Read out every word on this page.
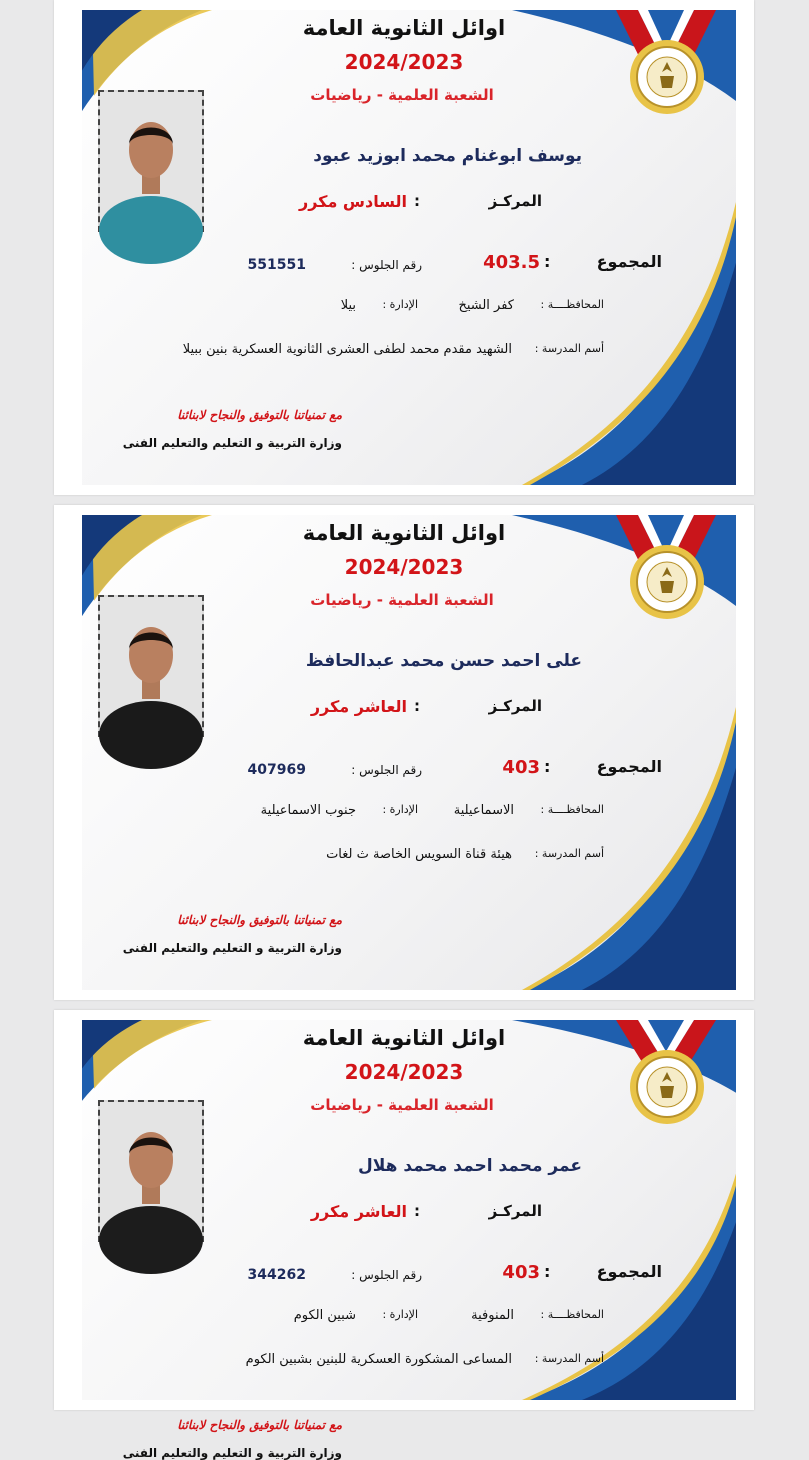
اوائل الثانوية العامة
2024/2023
الشعبة العلمية - رياضيات
يوسف ابوغنام محمد ابوزيد عبود
المركـز
:
السادس مكرر
المجموع
:
403.5
رقم الجلوس :
551551
المحافظــــة :
كفر الشيخ
الإدارة :
بيلا
أسم المدرسة :
الشهيد مقدم محمد لطفى العشرى الثانوية العسكرية بنين ببيلا
مع تمنياتنا بالتوفيق والنجاح لابنائنا
وزارة التربية و التعليم والتعليم الفنى
اوائل الثانوية العامة
2024/2023
الشعبة العلمية - رياضيات
على احمد حسن محمد عبدالحافظ
المركـز
:
العاشر مكرر
المجموع
:
403
رقم الجلوس :
407969
المحافظــــة :
الاسماعيلية
الإدارة :
جنوب الاسماعيلية
أسم المدرسة :
هيئة قناة السويس الخاصة ث لغات
مع تمنياتنا بالتوفيق والنجاح لابنائنا
وزارة التربية و التعليم والتعليم الفنى
اوائل الثانوية العامة
2024/2023
الشعبة العلمية - رياضيات
عمر محمد احمد محمد هلال
المركـز
:
العاشر مكرر
المجموع
:
403
رقم الجلوس :
344262
المحافظــــة :
المنوفية
الإدارة :
شبين الكوم
أسم المدرسة :
المساعى المشكورة العسكرية للبنين بشبين الكوم
مع تمنياتنا بالتوفيق والنجاح لابنائنا
وزارة التربية و التعليم والتعليم الفنى
